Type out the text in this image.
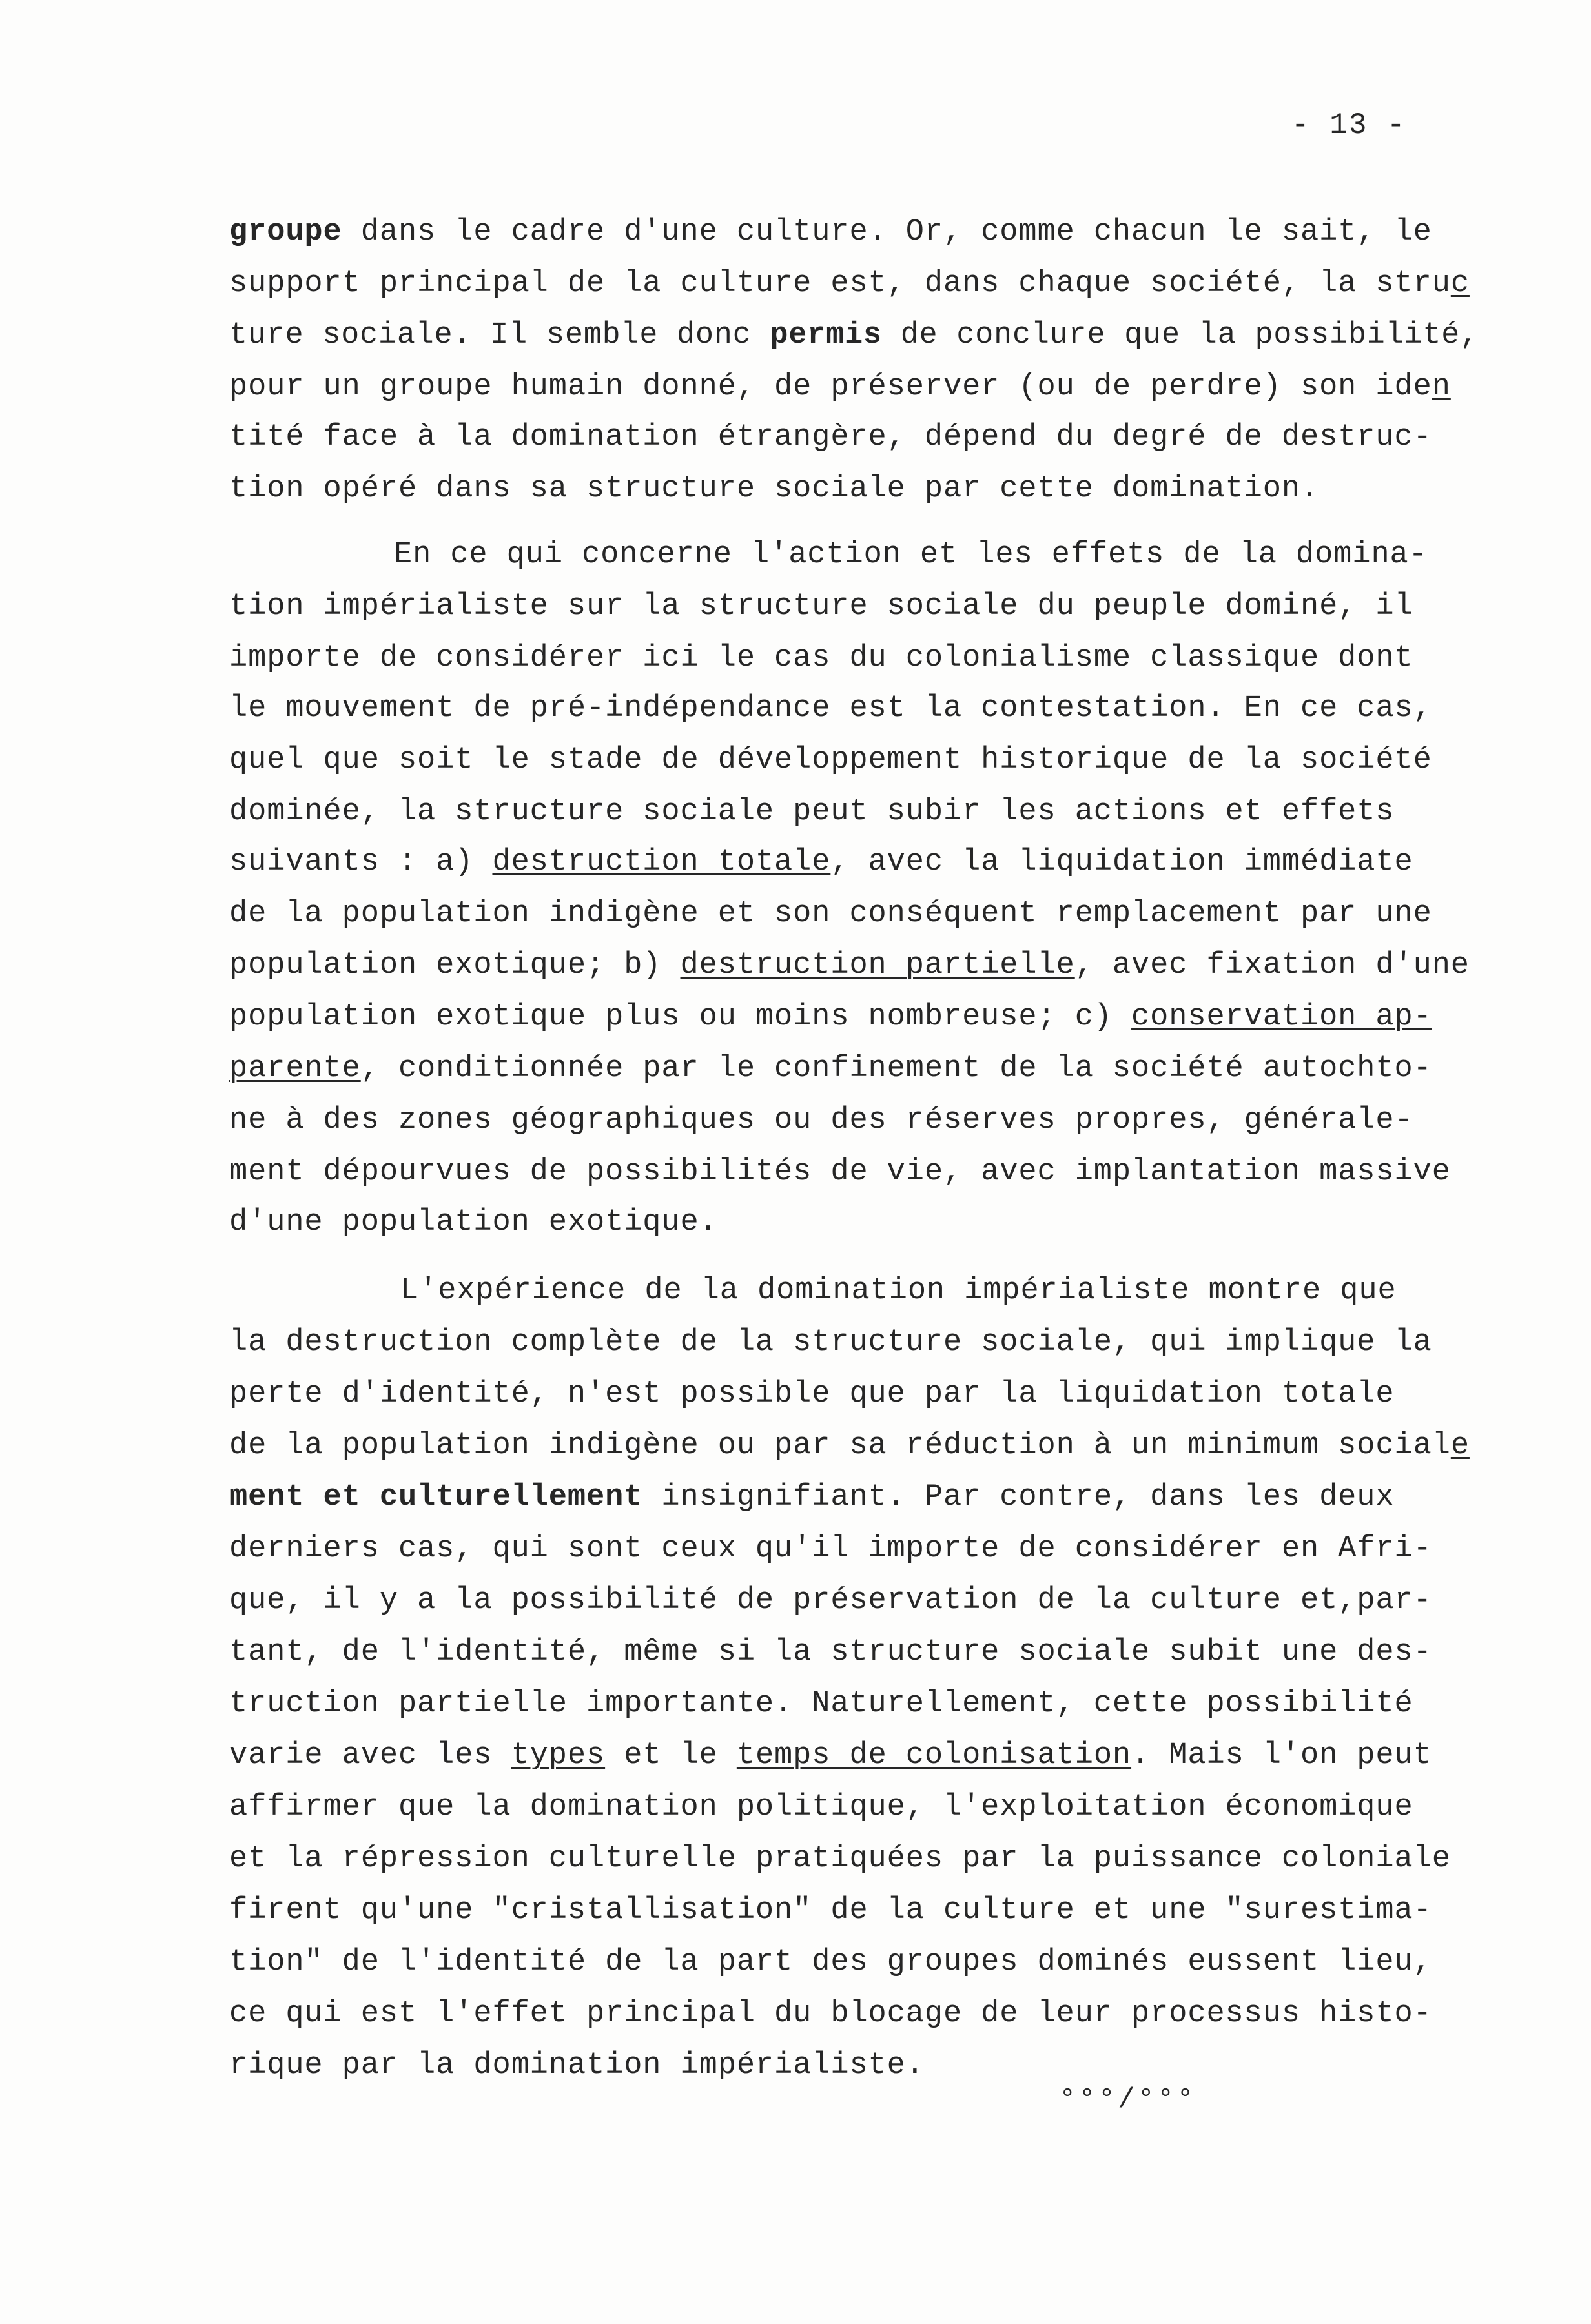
- 13 -
groupe dans le cadre d'une culture. Or, comme chacun le sait, le
support principal de la culture est, dans chaque société, la struc
ture sociale. Il semble donc permis de conclure que la possibilité,
pour un groupe humain donné, de préserver (ou de perdre) son iden
tité face à la domination étrangère, dépend du degré de destruc-
tion opéré dans sa structure sociale par cette domination.
En ce qui concerne l'action et les effets de la domina-
tion impérialiste sur la structure sociale du peuple dominé, il
importe de considérer ici le cas du colonialisme classique dont
le mouvement de pré-indépendance est la contestation. En ce cas,
quel que soit le stade de développement historique de la société
dominée, la structure sociale peut subir les actions et effets
suivants : a) destruction totale, avec la liquidation immédiate
de la population indigène et son conséquent remplacement par une
population exotique; b) destruction partielle, avec fixation d'une
population exotique plus ou moins nombreuse; c) conservation ap-
parente, conditionnée par le confinement de la société autochto-
ne à des zones géographiques ou des réserves propres, générale-
ment dépourvues de possibilités de vie, avec implantation massive
d'une population exotique.
L'expérience de la domination impérialiste montre que
la destruction complète de la structure sociale, qui implique la
perte d'identité, n'est possible que par la liquidation totale
de la population indigène ou par sa réduction à un minimum sociale
ment et culturellement insignifiant. Par contre, dans les deux
derniers cas, qui sont ceux qu'il importe de considérer en Afri-
que, il y a la possibilité de préservation de la culture et,par-
tant, de l'identité, même si la structure sociale subit une des-
truction partielle importante. Naturellement, cette possibilité
varie avec les types et le temps de colonisation. Mais l'on peut
affirmer que la domination politique, l'exploitation économique
et la répression culturelle pratiquées par la puissance coloniale
firent qu'une "cristallisation" de la culture et une "surestima-
tion" de l'identité de la part des groupes dominés eussent lieu,
ce qui est l'effet principal du blocage de leur processus histo-
rique par la domination impérialiste.
°°°/°°°
